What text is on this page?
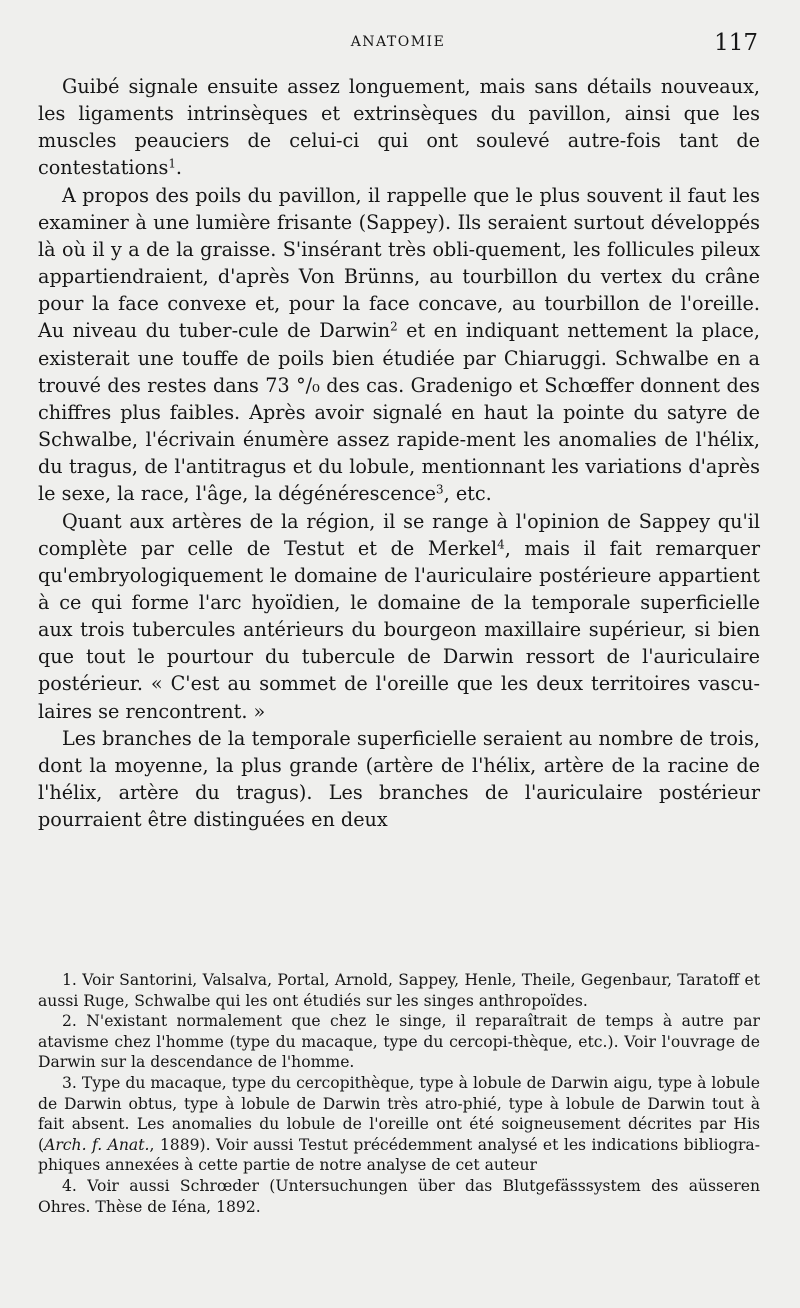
ANATOMIE	117

Guibé signale ensuite assez longuement, mais sans détails nouveaux, les ligaments intrinsèques et extrinsèques du pavillon, ainsi que les muscles peauciers de celui-ci qui ont soulevé autre-fois tant de contestations$^1$.

A propos des poils du pavillon, il rappelle que le plus souvent il faut les examiner à une lumière frisante (Sappey). Ils seraient surtout développés là où il y a de la graisse. S'insérant très obli-quement, les follicules pileux appartiendraient, d'après Von Brünns, au tourbillon du vertex du crâne pour la face convexe et, pour la face concave, au tourbillon de l'oreille. Au niveau du tuber-cule de Darwin$^2$ et en indiquant nettement la place, existerait une touffe de poils bien étudiée par Chiaruggi. Schwalbe en a trouvé des restes dans 73 °/₀ des cas. Gradenigo et Schœffer donnent des chiffres plus faibles. Après avoir signalé en haut la pointe du satyre de Schwalbe, l'écrivain énumère assez rapide-ment les anomalies de l'hélix, du tragus, de l'antitragus et du lobule, mentionnant les variations d'après le sexe, la race, l'âge, la dégénérescence$^3$, etc.

Quant aux artères de la région, il se range à l'opinion de Sappey qu'il complète par celle de Testut et de Merkel$^4$, mais il fait remarquer qu'embryologiquement le domaine de l'auriculaire postérieure appartient à ce qui forme l'arc hyoïdien, le domaine de la temporale superficielle aux trois tubercules antérieurs du bourgeon maxillaire supérieur, si bien que tout le pourtour du tubercule de Darwin ressort de l'auriculaire postérieur. « C'est au sommet de l'oreille que les deux territoires vascu-laires se rencontrent. »

Les branches de la temporale superficielle seraient au nombre de trois, dont la moyenne, la plus grande (artère de l'hélix, artère de la racine de l'hélix, artère du tragus). Les branches de l'auriculaire postérieur pourraient être distinguées en deux

1. Voir Santorini, Valsalva, Portal, Arnold, Sappey, Henle, Theile, Gegenbaur, Taratoff et aussi Ruge, Schwalbe qui les ont étudiés sur les singes anthropoïdes.

2. N'existant normalement que chez le singe, il reparaîtrait de temps à autre par atavisme chez l'homme (type du macaque, type du cercopi-thèque, etc.). Voir l'ouvrage de Darwin sur la descendance de l'homme.

3. Type du macaque, type du cercopithèque, type à lobule de Darwin aigu, type à lobule de Darwin obtus, type à lobule de Darwin très atro-phié, type à lobule de Darwin tout à fait absent. Les anomalies du lobule de l'oreille ont été soigneusement décrites par His (Arch. f. Anat., 1889). Voir aussi Testut précédemment analysé et les indications bibliogra-phiques annexées à cette partie de notre analyse de cet auteur

4. Voir aussi Schrœder (Untersuchungen über das Blutgefässsystem des aüsseren Ohres. Thèse de Iéna, 1892.
